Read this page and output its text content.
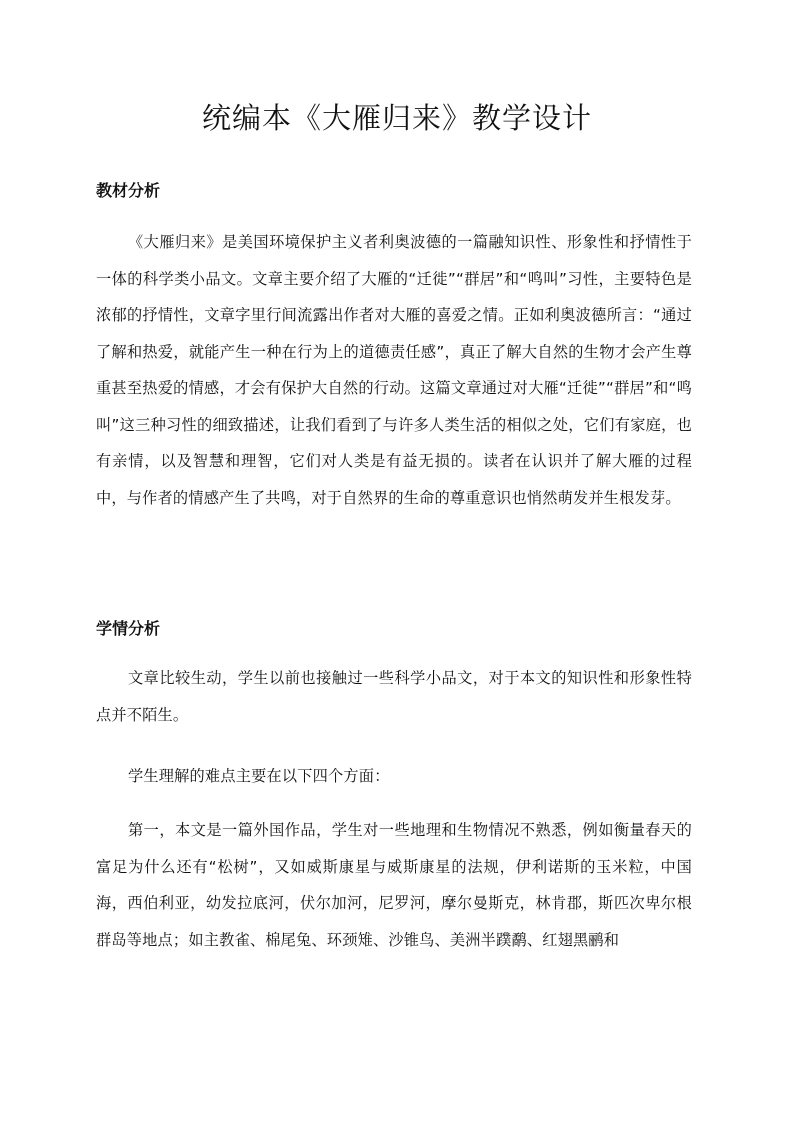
统编本《大雁归来》教学设计
教材分析

《大雁归来》是美国环境保护主义者利奥波德的一篇融知识性、形象性和抒情性于一体的科学类小品文。文章主要介绍了大雁的“迁徙”“群居”和“鸣叫”习性，主要特色是浓郁的抒情性，文章字里行间流露出作者对大雁的喜爱之情。正如利奥波德所言：“通过了解和热爱，就能产生一种在行为上的道德责任感”，真正了解大自然的生物才会产生尊重甚至热爱的情感，才会有保护大自然的行动。这篇文章通过对大雁“迁徙”“群居”和“鸣叫”这三种习性的细致描述，让我们看到了与许多人类生活的相似之处，它们有家庭，也有亲情，以及智慧和理智，它们对人类是有益无损的。读者在认识并了解大雁的过程中，与作者的情感产生了共鸣，对于自然界的生命的尊重意识也悄然萌发并生根发芽。

学情分析

文章比较生动，学生以前也接触过一些科学小品文，对于本文的知识性和形象性特点并不陌生。

学生理解的难点主要在以下四个方面：

第一，本文是一篇外国作品，学生对一些地理和生物情况不熟悉，例如衡量春天的富足为什么还有“松树”，又如威斯康星与威斯康星的法规，伊利诺斯的玉米粒，中国海，西伯利亚，幼发拉底河，伏尔加河，尼罗河，摩尔曼斯克，林肯郡，斯匹次卑尔根群岛等地点；如主教雀、棉尾兔、环颈雉、沙锥鸟、美洲半蹼鹬、红翅黑鹂和
